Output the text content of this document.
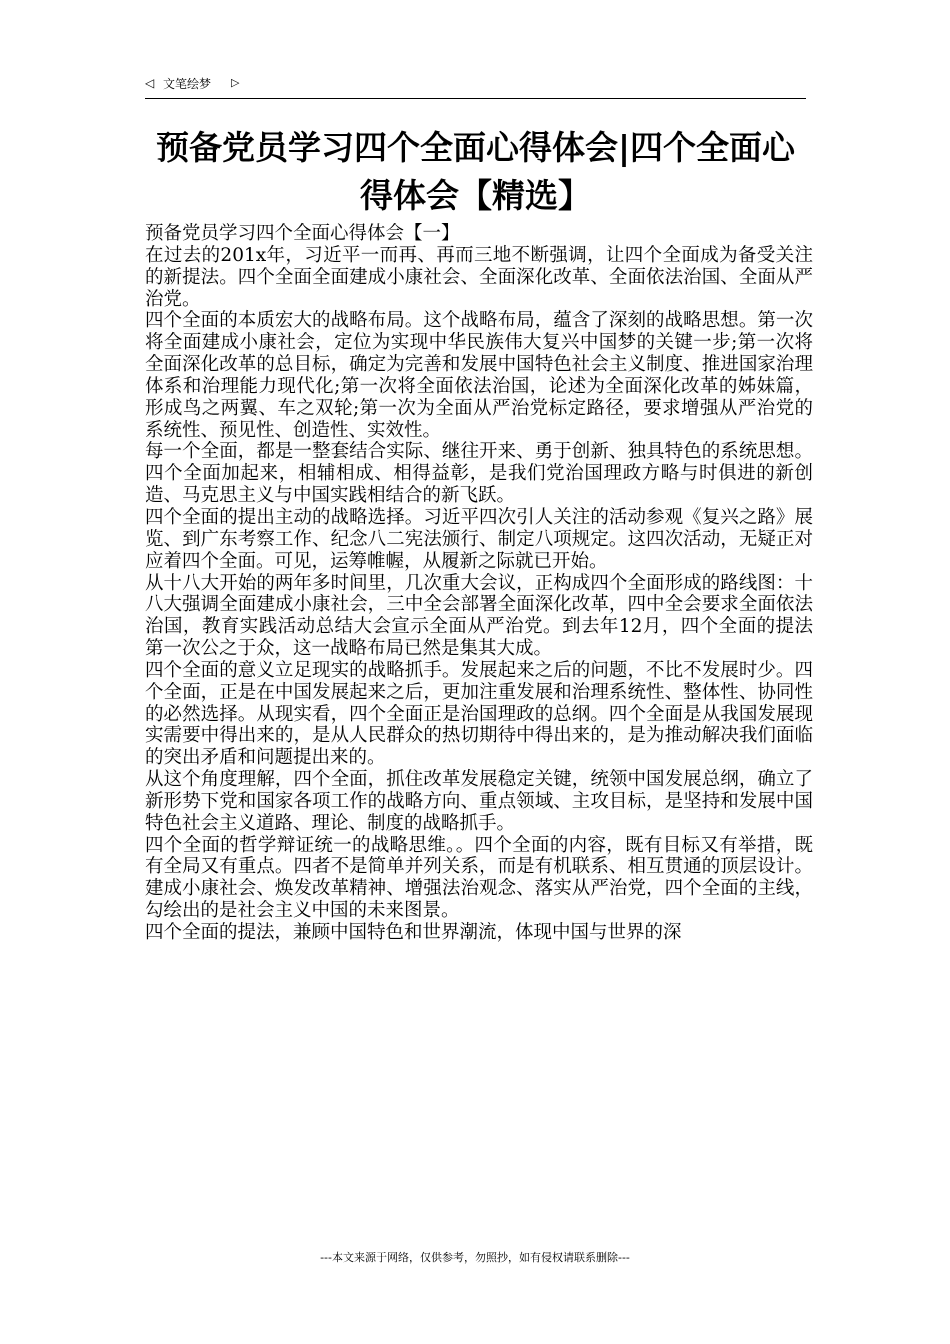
◁ 文笔绘梦 ▷
预备党员学习四个全面心得体会|四个全面心得体会【精选】

预备党员学习四个全面心得体会【一】

在过去的201x年，习近平一而再、再而三地不断强调，让四个全面成为备受关注的新提法。四个全面全面建成小康社会、全面深化改革、全面依法治国、全面从严治党。

四个全面的本质宏大的战略布局。这个战略布局，蕴含了深刻的战略思想。第一次将全面建成小康社会，定位为实现中华民族伟大复兴中国梦的关键一步;第一次将全面深化改革的总目标，确定为完善和发展中国特色社会主义制度、推进国家治理体系和治理能力现代化;第一次将全面依法治国，论述为全面深化改革的姊妹篇，形成鸟之两翼、车之双轮;第一次为全面从严治党标定路径，要求增强从严治党的系统性、预见性、创造性、实效性。

每一个全面，都是一整套结合实际、继往开来、勇于创新、独具特色的系统思想。四个全面加起来，相辅相成、相得益彰，是我们党治国理政方略与时俱进的新创造、马克思主义与中国实践相结合的新飞跃。

四个全面的提出主动的战略选择。习近平四次引人关注的活动参观《复兴之路》展览、到广东考察工作、纪念八二宪法颁行、制定八项规定。这四次活动，无疑正对应着四个全面。可见，运筹帷幄，从履新之际就已开始。

从十八大开始的两年多时间里，几次重大会议，正构成四个全面形成的路线图：十八大强调全面建成小康社会，三中全会部署全面深化改革，四中全会要求全面依法治国，教育实践活动总结大会宣示全面从严治党。到去年12月，四个全面的提法第一次公之于众，这一战略布局已然是集其大成。

四个全面的意义立足现实的战略抓手。发展起来之后的问题，不比不发展时少。四个全面，正是在中国发展起来之后，更加注重发展和治理系统性、整体性、协同性的必然选择。从现实看，四个全面正是治国理政的总纲。四个全面是从我国发展现实需要中得出来的，是从人民群众的热切期待中得出来的，是为推动解决我们面临的突出矛盾和问题提出来的。

从这个角度理解，四个全面，抓住改革发展稳定关键，统领中国发展总纲，确立了新形势下党和国家各项工作的战略方向、重点领域、主攻目标，是坚持和发展中国特色社会主义道路、理论、制度的战略抓手。

四个全面的哲学辩证统一的战略思维。。四个全面的内容，既有目标又有举措，既有全局又有重点。四者不是简单并列关系，而是有机联系、相互贯通的顶层设计。建成小康社会、焕发改革精神、增强法治观念、落实从严治党，四个全面的主线，勾绘出的是社会主义中国的未来图景。

四个全面的提法，兼顾中国特色和世界潮流，体现中国与世界的深

---本文来源于网络，仅供参考，勿照抄，如有侵权请联系删除---
